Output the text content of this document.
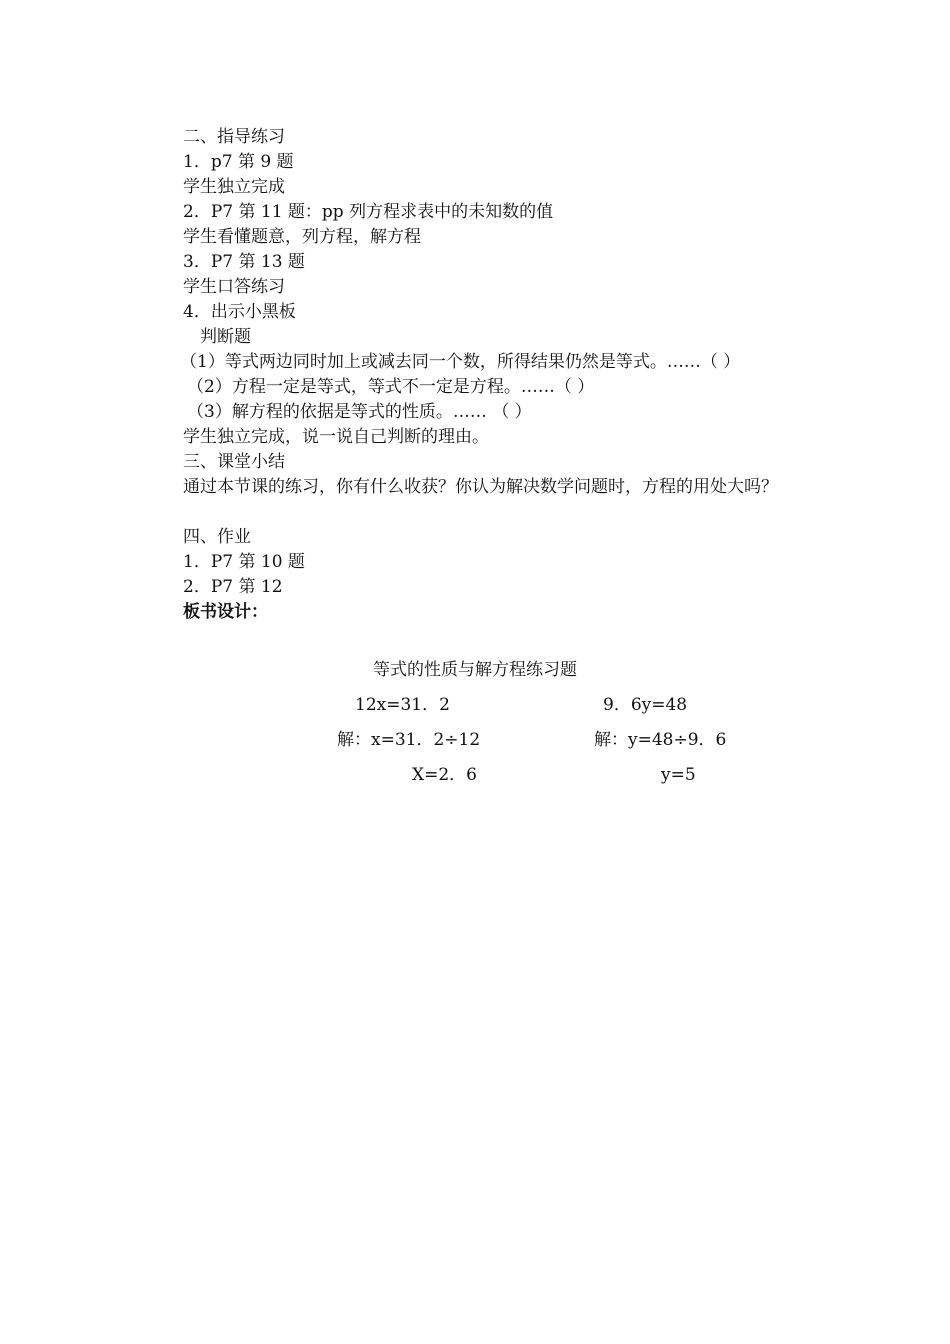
二、指导练习
1．p7 第 9 题
学生独立完成
2．P7 第 11 题：pp 列方程求表中的未知数的值
学生看懂题意，列方程，解方程
3．P7 第 13 题
学生口答练习
4．出示小黑板
判断题
（1）等式两边同时加上或减去同一个数，所得结果仍然是等式。……（ ）
（2）方程一定是等式，等式不一定是方程。……（ ）
（3）解方程的依据是等式的性质。…… （ ）
学生独立完成，说一说自己判断的理由。
三、课堂小结
通过本节课的练习，你有什么收获？你认为解决数学问题时，方程的用处大吗？
四、作业
1．P7 第 10 题
2．P7 第 12
板书设计：
等式的性质与解方程练习题
12x=31．2	9．6y=48
解：x=31．2÷12	解：y=48÷9．6
X=2．6	y=5
